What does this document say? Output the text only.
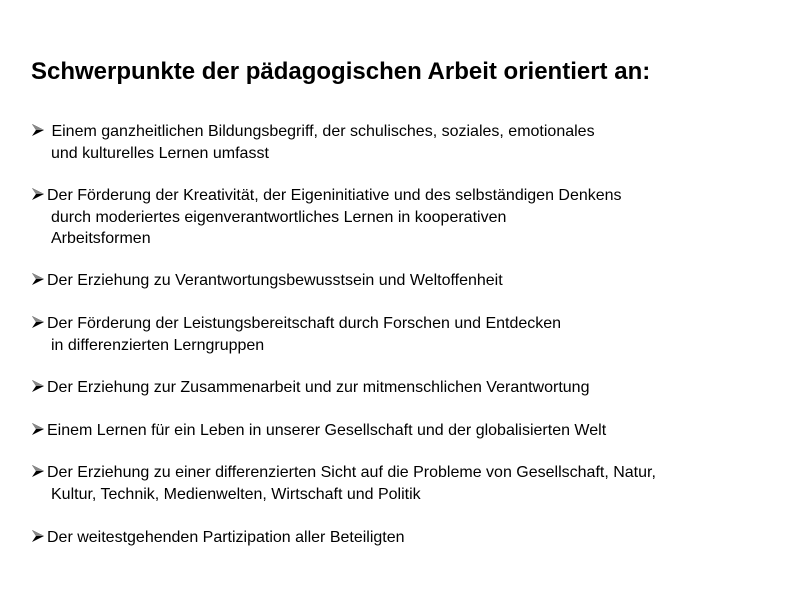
Schwerpunkte der pädagogischen Arbeit orientiert an:
Einem ganzheitlichen Bildungsbegriff, der schulisches, soziales, emotionales
und kulturelles Lernen umfasst
Der Förderung der Kreativität, der Eigeninitiative und des selbständigen Denkens
durch moderiertes eigenverantwortliches Lernen in kooperativen
Arbeitsformen
Der Erziehung zu Verantwortungsbewusstsein und Weltoffenheit
Der Förderung der Leistungsbereitschaft durch Forschen und Entdecken
in differenzierten Lerngruppen
Der Erziehung zur Zusammenarbeit und zur mitmenschlichen Verantwortung
Einem Lernen für ein Leben in unserer Gesellschaft und der globalisierten Welt
Der Erziehung zu einer differenzierten Sicht auf die Probleme von Gesellschaft, Natur,
Kultur, Technik, Medienwelten, Wirtschaft und Politik
Der weitestgehenden Partizipation aller Beteiligten
